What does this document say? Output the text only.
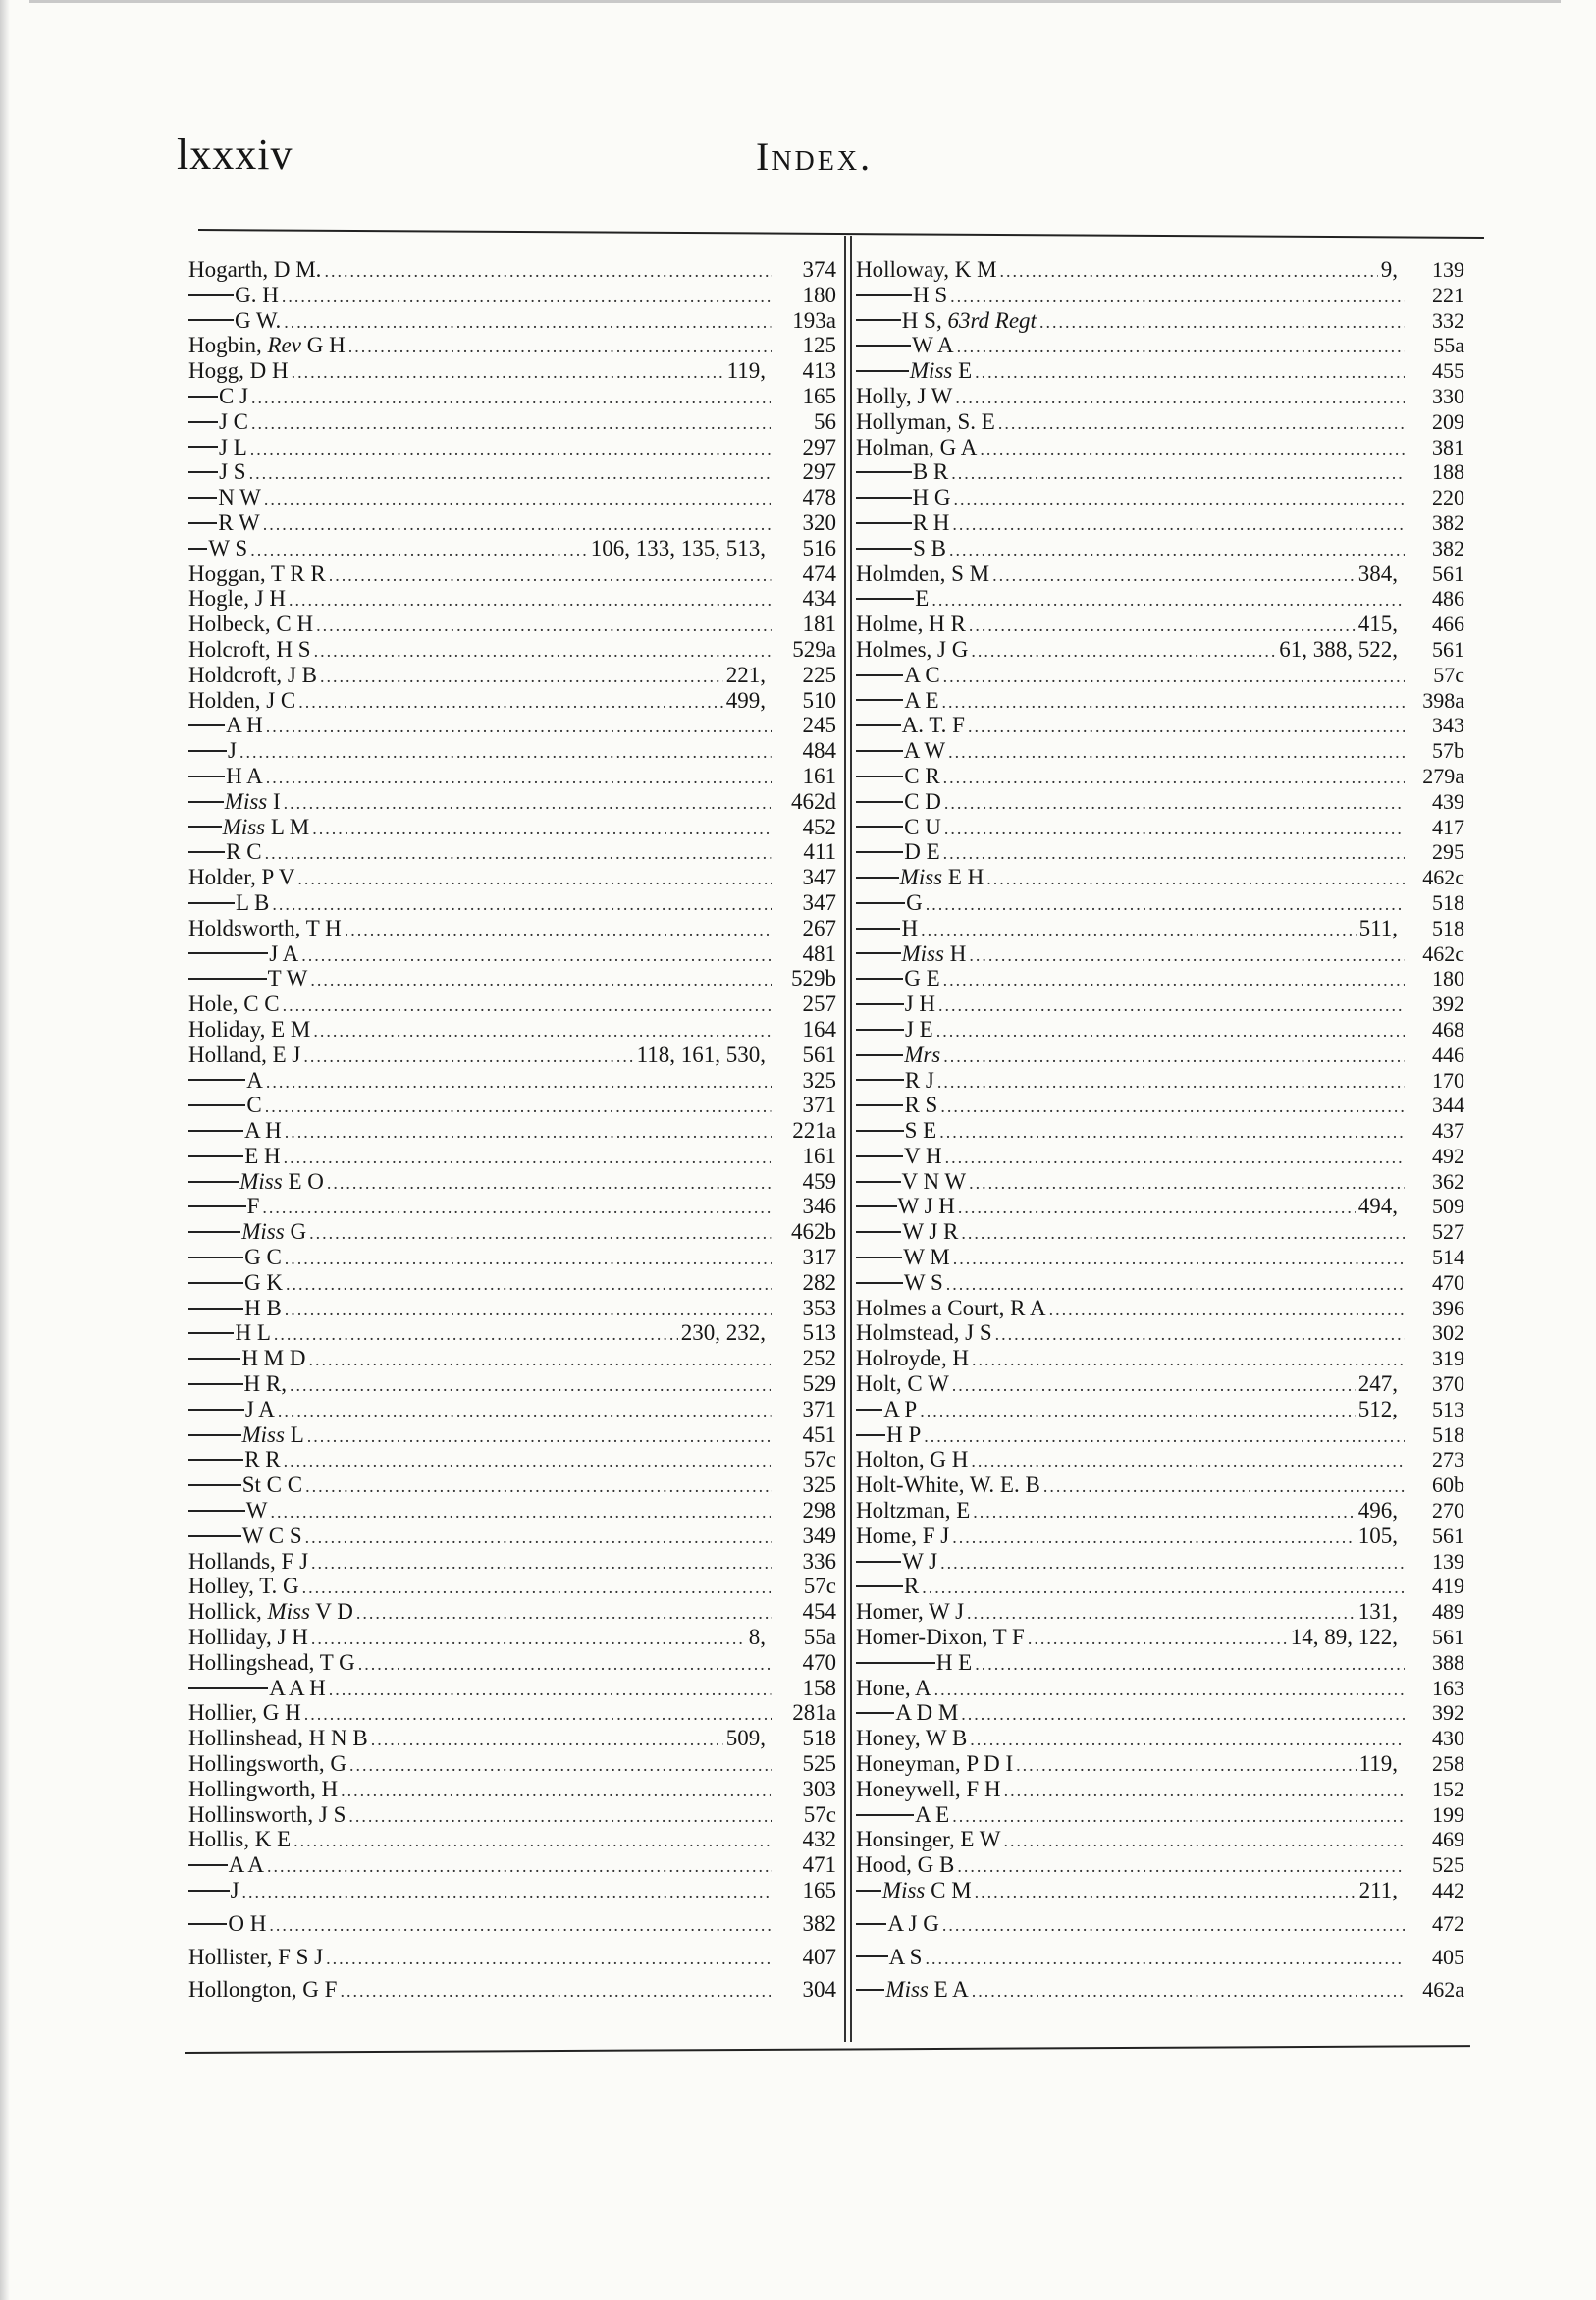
lxxxiv	Index.
Hogarth, D M. .....	374
G. H .....	180
G W. .....	193a
Hogbin, Rev G H .....	125
Hogg, D H .....	119,	413
C J .....	165
J C .....	56
J L .....	297
J S .....	297
N W .....	478
R W .....	320
W S .....	106, 133, 135, 513,	516
Hoggan, T R R .....	474
Hogle, J H .....	434
Holbeck, C H .....	181
Holcroft, H S .....	529a
Holdcroft, J B .....	221,	225
Holden, J C .....	499,	510
A H .....	245
J .....	484
H A .....	161
Miss I .....	462d
Miss L M .....	452
R C .....	411
Holder, P V .....	347
L B .....	347
Holdsworth, T H .....	267
J A .....	481
T W .....	529b
Hole, C C .....	257
Holiday, E M .....	164
Holland, E J .....	118, 161, 530,	561
A .....	325
C .....	371
A H .....	221a
E H .....	161
Miss E O .....	459
F .....	346
Miss G .....	462b
G C .....	317
G K .....	282
H B .....	353
H L .....	230, 232,	513
H M D .....	252
H R, .....	529
J A .....	371
Miss L .....	451
R R .....	57c
St C C .....	325
W .....	298
W C S .....	349
Hollands, F J .....	336
Holley, T. G .....	57c
Hollick, Miss V D .....	454
Holliday, J H .....	8,	55a
Hollingshead, T G .....	470
A A H .....	158
Hollier, G H .....	281a
Hollinshead, H N B .....	509,	518
Hollingsworth, G .....	525
Hollingworth, H .....	303
Hollinsworth, J S .....	57c
Hollis, K E .....	432
A A .....	471
J .....	165
O H .....	382
Hollister, F S J .....	407
Hollongton, G F .....	304
Holloway, K M .....	9,	139
H S .....	221
H S, 63rd Regt .....	332
W A .....	55a
Miss E .....	455
Holly, J W .....	330
Hollyman, S. E .....	209
Holman, G A .....	381
B R .....	188
H G .....	220
R H .....	382
S B .....	382
Holmden, S M .....	384,	561
E .....	486
Holme, H R .....	415,	466
Holmes, J G .....	61, 388, 522,	561
A C .....	57c
A E .....	398a
A. T. F .....	343
A W .....	57b
C R .....	279a
C D .....	439
C U .....	417
D E .....	295
Miss E H .....	462c
G .....	518
H .....	511,	518
Miss H .....	462c
G E .....	180
J H .....	392
J E .....	468
Mrs .....	446
R J .....	170
R S .....	344
S E .....	437
V H .....	492
V N W .....	362
W J H .....	494,	509
W J R .....	527
W M .....	514
W S .....	470
Holmes a Court, R A .....	396
Holmstead, J S .....	302
Holroyde, H .....	319
Holt, C W .....	247,	370
A P .....	512,	513
H P .....	518
Holton, G H .....	273
Holt-White, W. E. B .....	60b
Holtzman, E .....	496,	270
Home, F J .....	105,	561
W J .....	139
R .....	419
Homer, W J .....	131,	489
Homer-Dixon, T F .....	14, 89, 122,	561
H E .....	388
Hone, A .....	163
A D M .....	392
Honey, W B .....	430
Honeyman, P D I .....	119,	258
Honeywell, F H .....	152
A E .....	199
Honsinger, E W .....	469
Hood, G B .....	525
Miss C M .....	211,	442
A J G .....	472
A S .....	405
Miss E A .....	462a
